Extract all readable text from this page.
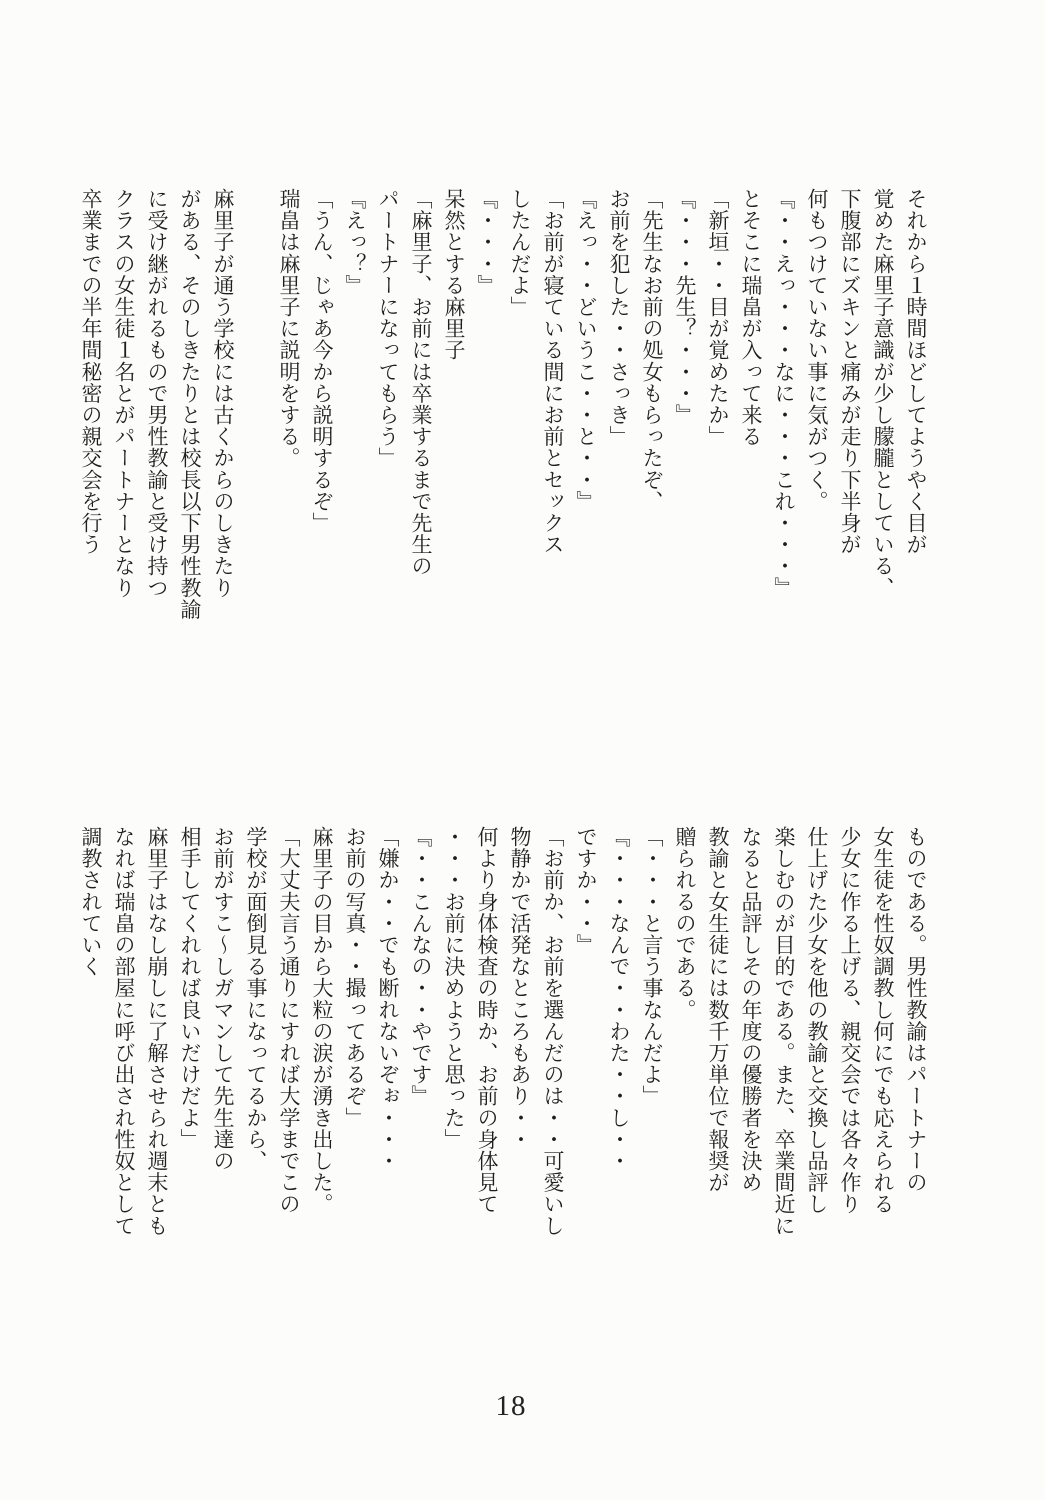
それから１時間ほどしてようやく目が
覚めた麻里子意識が少し朦朧としている、
下腹部にズキンと痛みが走り下半身が
何もつけていない事に気がつく。
『・・えっ・・・なに・・・これ・・・』
とそこに瑞畠が入って来る
「新垣・・目が覚めたか」
『・・・先生？・・・』
「先生なお前の処女もらったぞ、
お前を犯した・・さっき」
『えっ・・どいうこ・・と・・』
「お前が寝ている間にお前とセックス
したんだよ」
『・・・』
呆然とする麻里子
「麻里子、お前には卒業するまで先生の
パートナーになってもらう」
『えっ？』
「うん、じゃあ今から説明するぞ」
瑞畠は麻里子に説明をする。
麻里子が通う学校には古くからのしきたり
がある、そのしきたりとは校長以下男性教諭
に受け継がれるもので男性教諭と受け持つ
クラスの女生徒１名とがパートナーとなり
卒業までの半年間秘密の親交会を行う
ものである。男性教諭はパートナーの
女生徒を性奴調教し何にでも応えられる
少女に作る上げる、親交会では各々作り
仕上げた少女を他の教諭と交換し品評し
楽しむのが目的である。また、卒業間近に
なると品評しその年度の優勝者を決め
教諭と女生徒には数千万単位で報奨が
贈られるのである。
「・・・と言う事なんだよ」
『・・・なんで・・わた・・し・・
ですか・・』
「お前か、お前を選んだのは・・可愛いし
物静かで活発なところもあり・・
何より身体検査の時か、お前の身体見て
・・・お前に決めようと思った」
『・・こんなの・・やです』
「嫌か・・でも断れないぞぉ・・・
お前の写真・・撮ってあるぞ」
麻里子の目から大粒の涙が湧き出した。
「大丈夫言う通りにすれば大学までこの
学校が面倒見る事になってるから、
お前がすこ～しガマンして先生達の
相手してくれれば良いだけだよ」
麻里子はなし崩しに了解させられ週末とも
なれば瑞畠の部屋に呼び出され性奴として
調教されていく
18
